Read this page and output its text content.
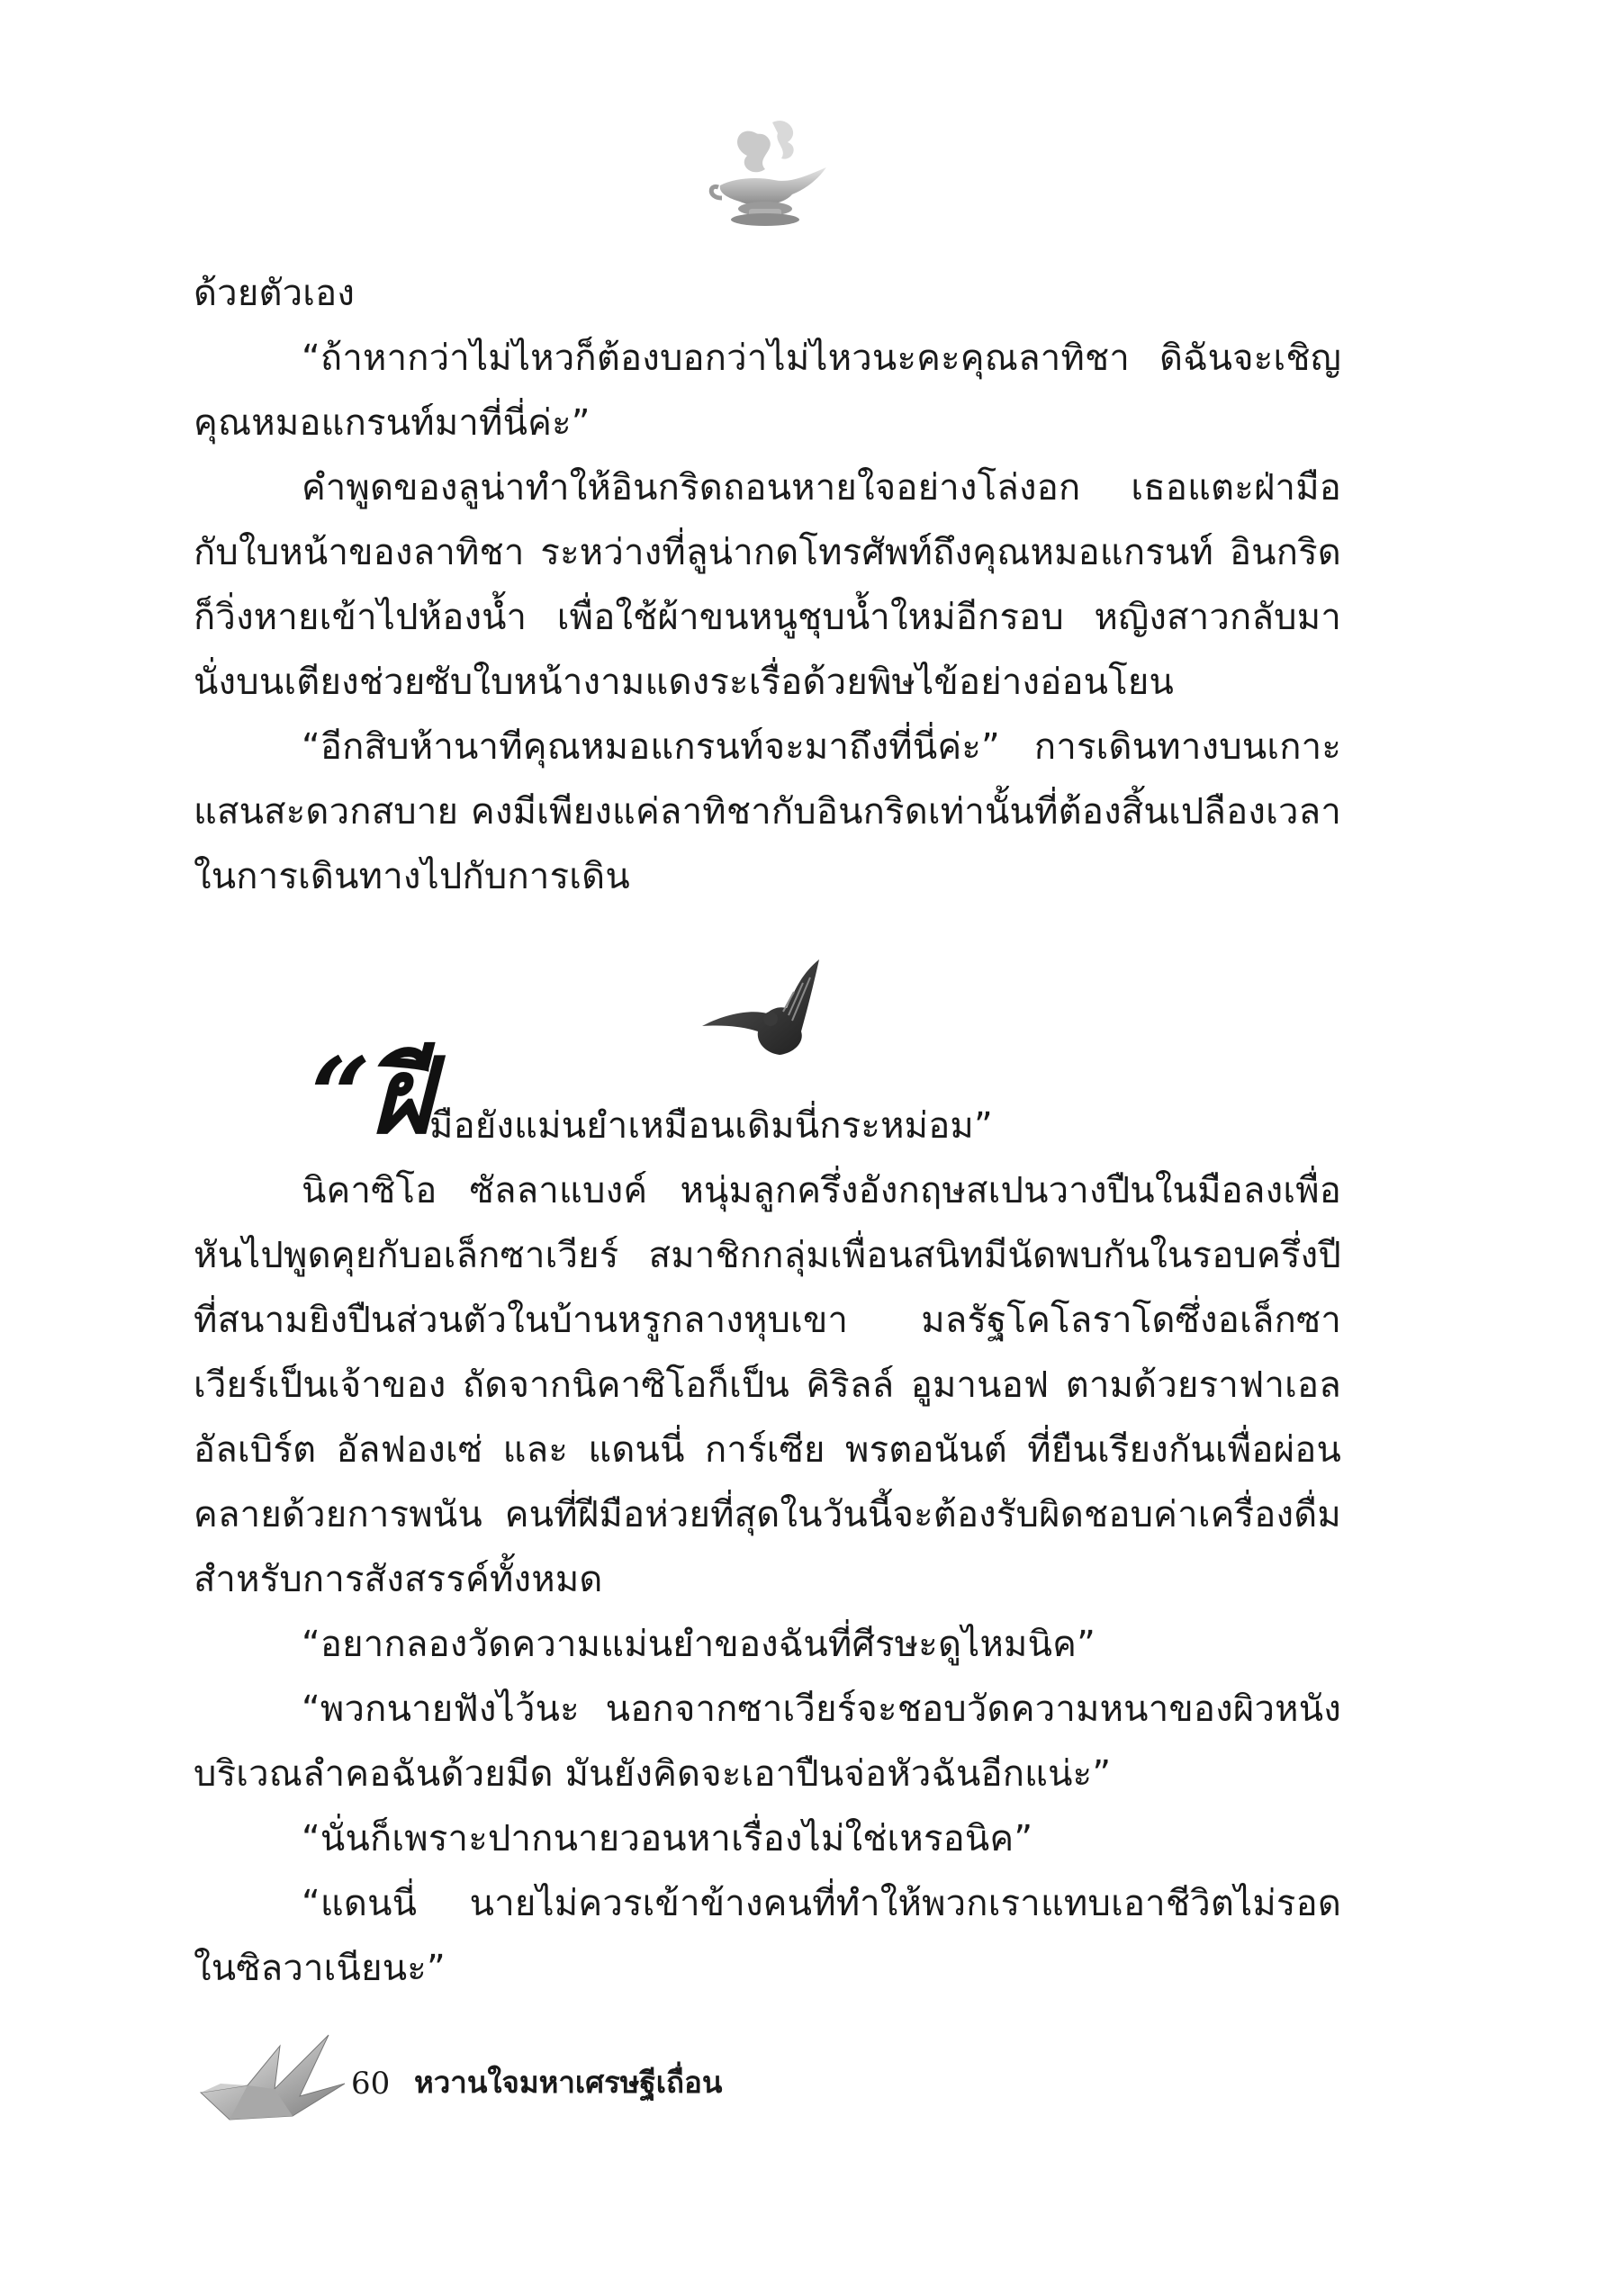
ด้วยตัวเอง

“ถ้าหากว่าไม่ไหวก็ต้องบอกว่าไม่ไหวนะคะคุณลาทิชา ดิฉันจะเชิญคุณหมอแกรนท์มาที่นี่ค่ะ”

คำพูดของลูน่าทำให้อินกริดถอนหายใจอย่างโล่งอก เธอแตะฝ่ามือกับใบหน้าของลาทิชา ระหว่างที่ลูน่ากดโทรศัพท์ถึงคุณหมอแกรนท์ อินกริดก็วิ่งหายเข้าไปห้องน้ำ เพื่อใช้ผ้าขนหนูชุบน้ำใหม่อีกรอบ หญิงสาวกลับมานั่งบนเตียงช่วยซับใบหน้างามแดงระเรื่อด้วยพิษไข้อย่างอ่อนโยน

“อีกสิบห้านาทีคุณหมอแกรนท์จะมาถึงที่นี่ค่ะ” การเดินทางบนเกาะแสนสะดวกสบาย คงมีเพียงแค่ลาทิชากับอินกริดเท่านั้นที่ต้องสิ้นเปลืองเวลาในการเดินทางไปกับการเดิน

“ฝี
มือยังแม่นยำเหมือนเดิมนี่กระหม่อม”

นิคาซิโอ ซัลลาแบงค์ หนุ่มลูกครึ่งอังกฤษสเปนวางปืนในมือลงเพื่อหันไปพูดคุยกับอเล็กซาเวียร์ สมาชิกกลุ่มเพื่อนสนิทมีนัดพบกันในรอบครึ่งปีที่สนามยิงปืนส่วนตัวในบ้านหรูกลางหุบเขา มลรัฐโคโลราโดซึ่งอเล็กซาเวียร์เป็นเจ้าของ ถัดจากนิคาซิโอก็เป็น คิริลล์ อูมานอฟ ตามด้วยราฟาเอล อัลเบิร์ต อัลฟองเซ่ และ แดนนี่ การ์เซีย พรตอนันต์ ที่ยืนเรียงกันเพื่อผ่อนคลายด้วยการพนัน คนที่ฝีมือห่วยที่สุดในวันนี้จะต้องรับผิดชอบค่าเครื่องดื่มสำหรับการสังสรรค์ทั้งหมด

“อยากลองวัดความแม่นยำของฉันที่ศีรษะดูไหมนิค”

“พวกนายฟังไว้นะ นอกจากซาเวียร์จะชอบวัดความหนาของผิวหนังบริเวณลำคอฉันด้วยมีด มันยังคิดจะเอาปืนจ่อหัวฉันอีกแน่ะ”

“นั่นก็เพราะปากนายวอนหาเรื่องไม่ใช่เหรอนิค”

“แดนนี่ นายไม่ควรเข้าข้างคนที่ทำให้พวกเราแทบเอาชีวิตไม่รอดในซิลวาเนียนะ”

60 หวานใจมหาเศรษฐีเถื่อน
